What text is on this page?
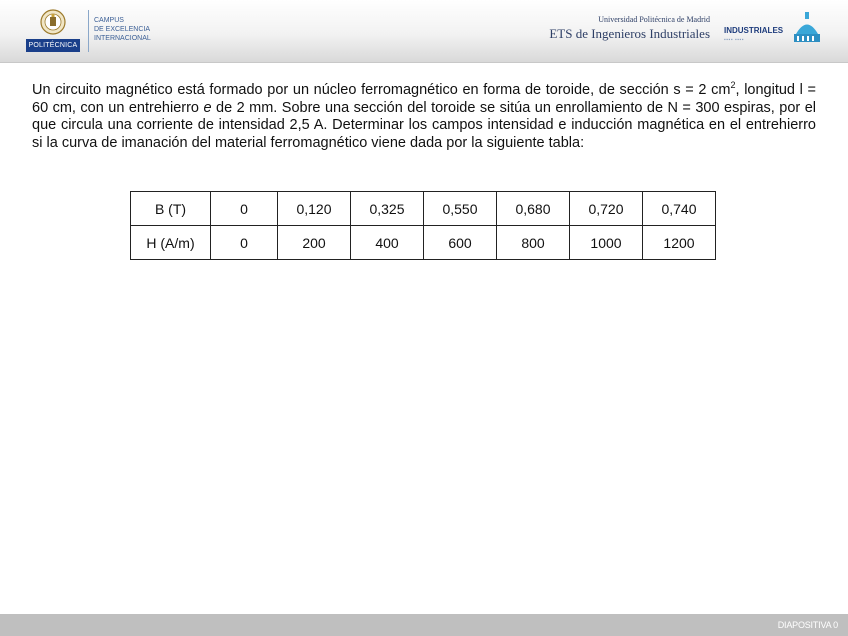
POLITÉCNICA
CAMPUS
DE EXCELENCIA
INTERNACIONAL
Universidad Politécnica de Madrid
ETS de Ingenieros Industriales INDUSTRIALES
▪▪▪▪ ▪▪▪▪

Un circuito magnético está formado por un núcleo ferromagnético en forma de toroide, de sección s = 2 $cm^2$, longitud l = 60 cm, con un entrehierro e de 2 mm. Sobre una sección del toroide se sitúa un enrollamiento de N = 300 espiras, por el que circula una corriente de intensidad 2,5 A. Determinar los campos intensidad e inducción magnética en el entrehierro si la curva de imanación del material ferromagnético viene dada por la siguiente tabla:

B (T)	0	0,120	0,325	0,550	0,680	0,720	0,740
H (A/m)	0	200	400	600	800	1000	1200
DIAPOSITIVA 0
